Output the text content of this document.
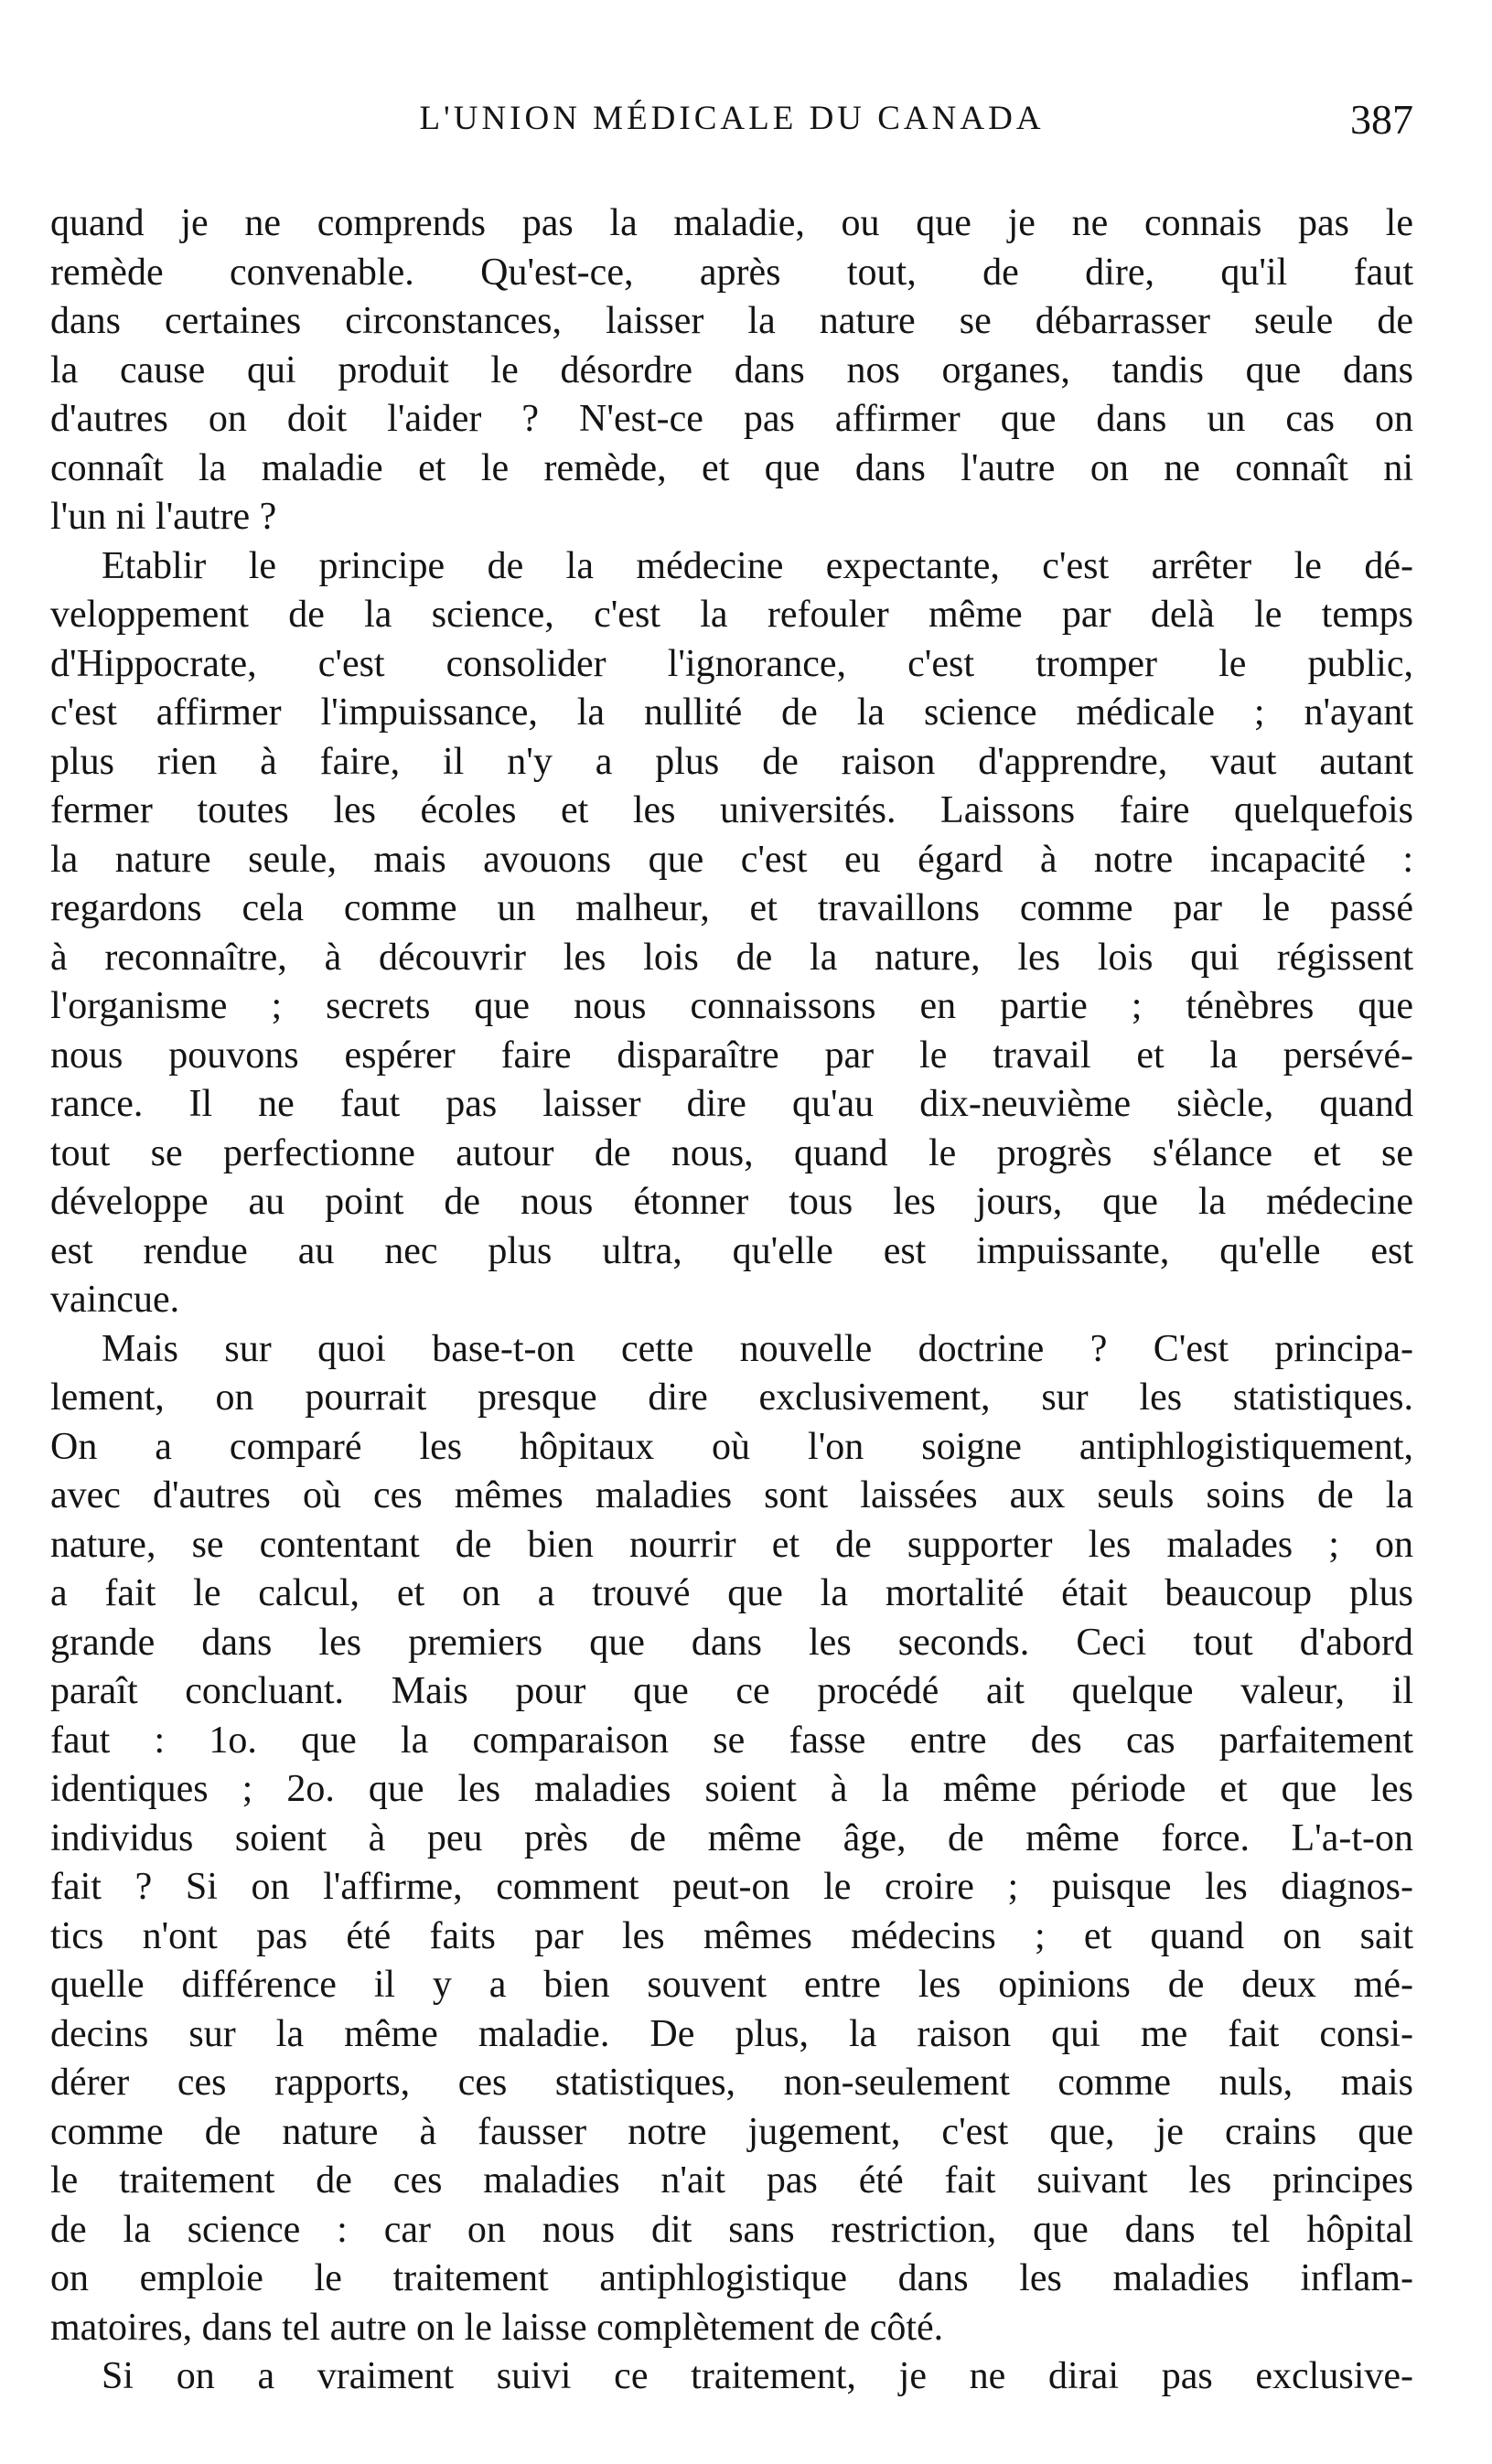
L'UNION MÉDICALE DU CANADA	387
quand je ne comprends pas la maladie, ou que je ne connais pas le
remède convenable. Qu'est-ce, après tout, de dire, qu'il faut
dans certaines circonstances, laisser la nature se débarrasser seule de
la cause qui produit le désordre dans nos organes, tandis que dans
d'autres on doit l'aider ? N'est-ce pas affirmer que dans un cas on
connaît la maladie et le remède, et que dans l'autre on ne connaît ni
l'un ni l'autre ?
Etablir le principe de la médecine expectante, c'est arrêter le dé-
veloppement de la science, c'est la refouler même par delà le temps
d'Hippocrate, c'est consolider l'ignorance, c'est tromper le public,
c'est affirmer l'impuissance, la nullité de la science médicale ; n'ayant
plus rien à faire, il n'y a plus de raison d'apprendre, vaut autant
fermer toutes les écoles et les universités. Laissons faire quelquefois
la nature seule, mais avouons que c'est eu égard à notre incapacité :
regardons cela comme un malheur, et travaillons comme par le passé
à reconnaître, à découvrir les lois de la nature, les lois qui régissent
l'organisme ; secrets que nous connaissons en partie ; ténèbres que
nous pouvons espérer faire disparaître par le travail et la persévé-
rance. Il ne faut pas laisser dire qu'au dix-neuvième siècle, quand
tout se perfectionne autour de nous, quand le progrès s'élance et se
développe au point de nous étonner tous les jours, que la médecine
est rendue au nec plus ultra, qu'elle est impuissante, qu'elle est
vaincue.
Mais sur quoi base-t-on cette nouvelle doctrine ? C'est principa-
lement, on pourrait presque dire exclusivement, sur les statistiques.
On a comparé les hôpitaux où l'on soigne antiphlogistiquement,
avec d'autres où ces mêmes maladies sont laissées aux seuls soins de la
nature, se contentant de bien nourrir et de supporter les malades ; on
a fait le calcul, et on a trouvé que la mortalité était beaucoup plus
grande dans les premiers que dans les seconds. Ceci tout d'abord
paraît concluant. Mais pour que ce procédé ait quelque valeur, il
faut : 1o. que la comparaison se fasse entre des cas parfaitement
identiques ; 2o. que les maladies soient à la même période et que les
individus soient à peu près de même âge, de même force. L'a-t-on
fait ? Si on l'affirme, comment peut-on le croire ; puisque les diagnos-
tics n'ont pas été faits par les mêmes médecins ; et quand on sait
quelle différence il y a bien souvent entre les opinions de deux mé-
decins sur la même maladie. De plus, la raison qui me fait consi-
dérer ces rapports, ces statistiques, non-seulement comme nuls, mais
comme de nature à fausser notre jugement, c'est que, je crains que
le traitement de ces maladies n'ait pas été fait suivant les principes
de la science : car on nous dit sans restriction, que dans tel hôpital
on emploie le traitement antiphlogistique dans les maladies inflam-
matoires, dans tel autre on le laisse complètement de côté.
Si on a vraiment suivi ce traitement, je ne dirai pas exclusive-
